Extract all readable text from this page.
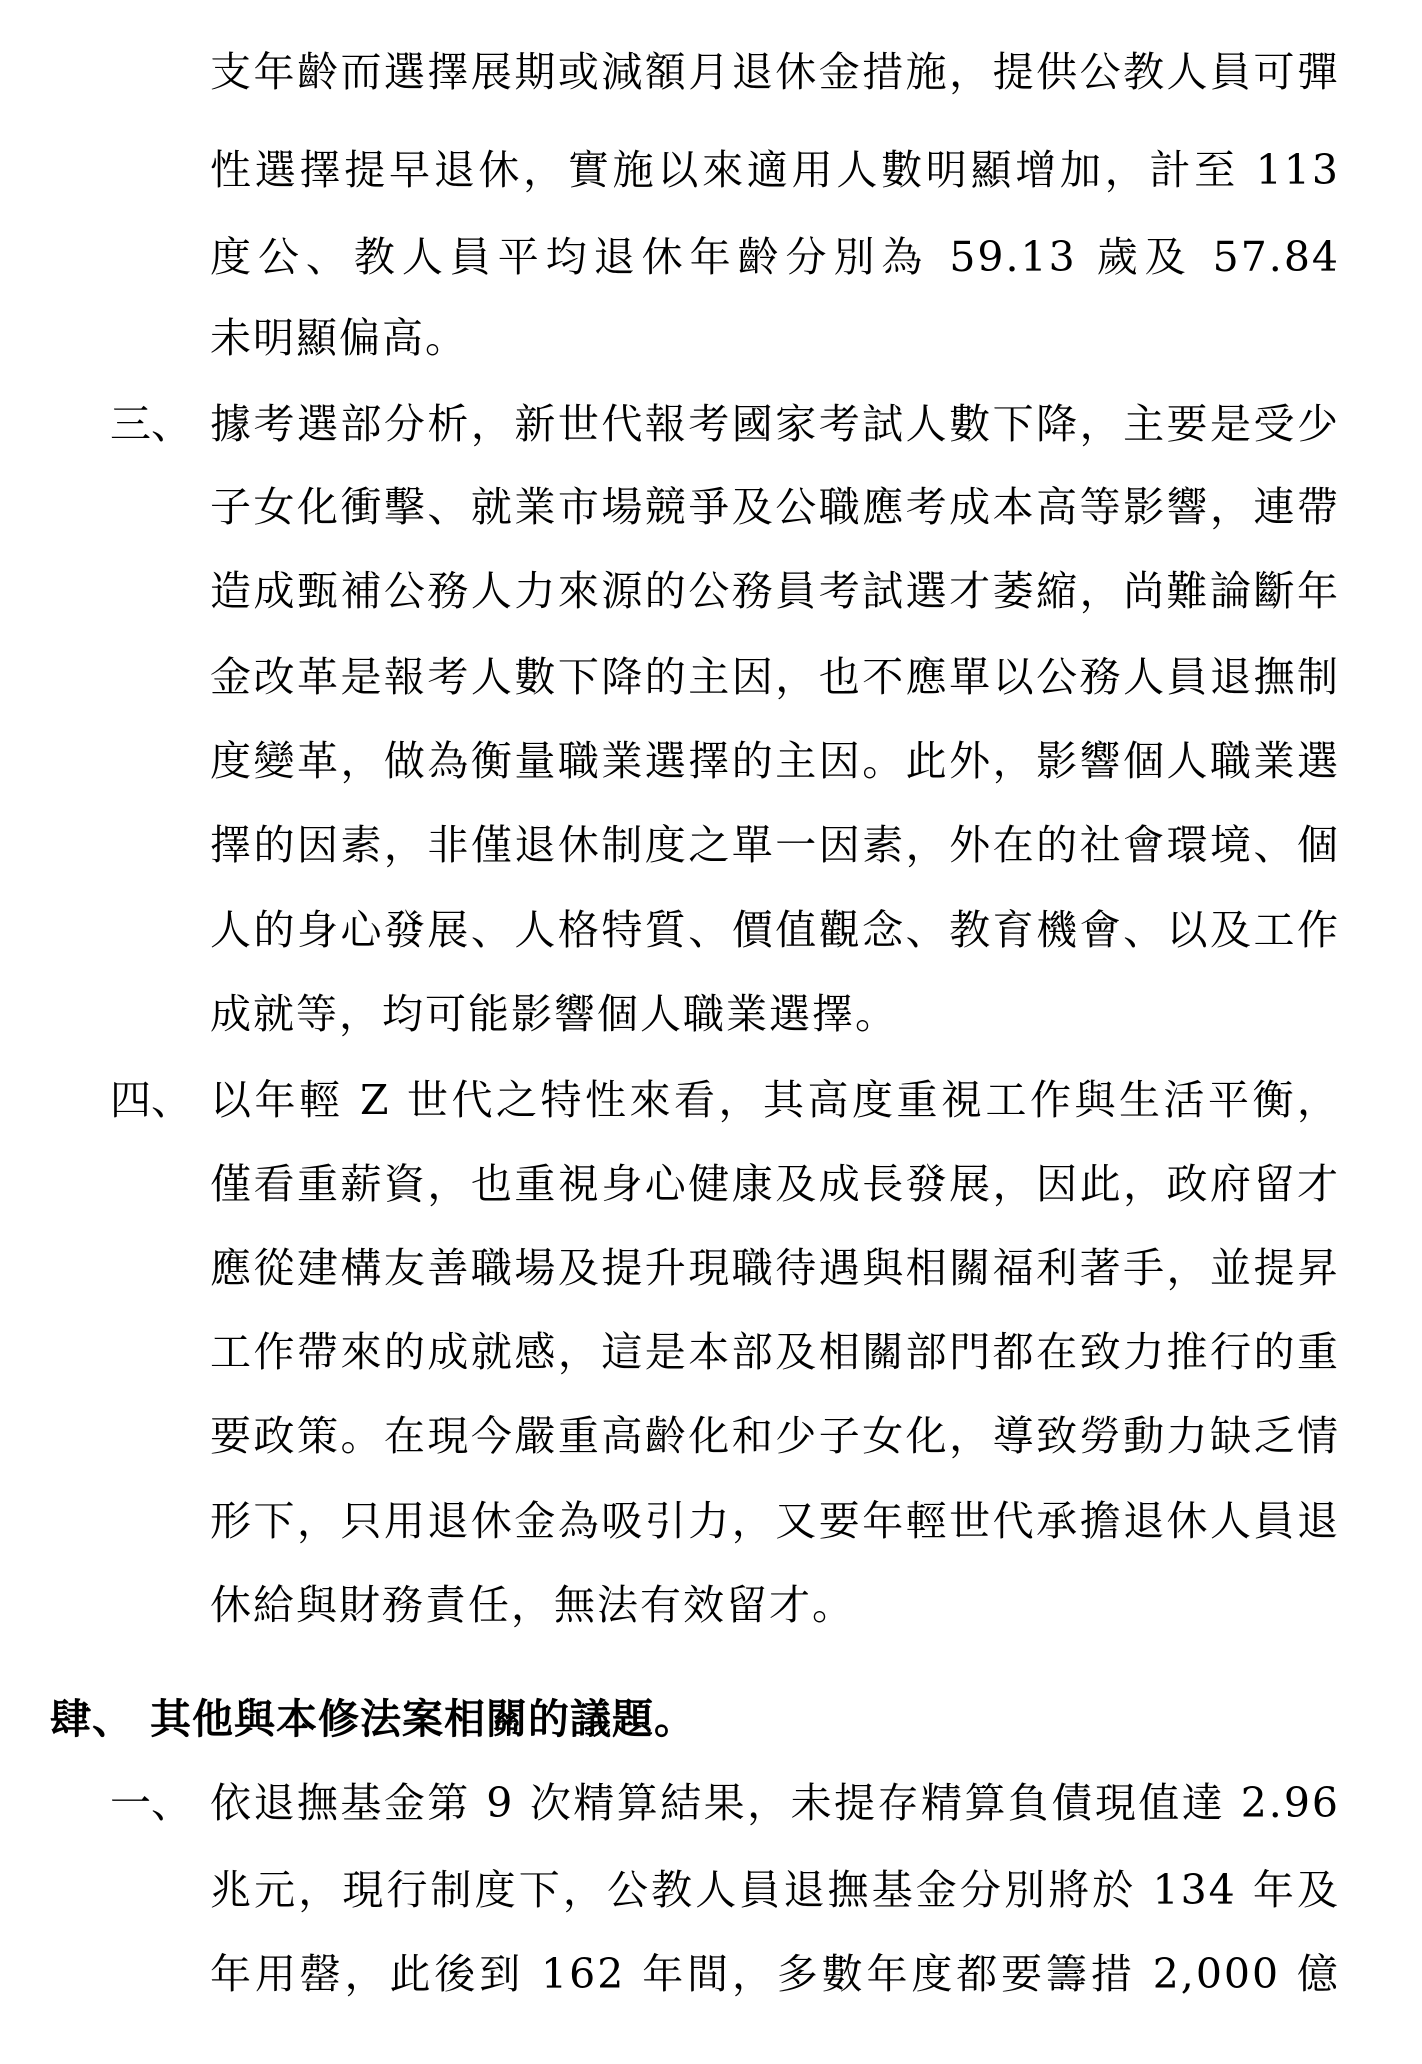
支年齡而選擇展期或減額月退休金措施，提供公教人員可彈
性選擇提早退休，實施以來適用人數明顯增加，計至 113
度公、教人員平均退休年齡分別為 59.13 歲及 57.84
未明顯偏高。
三、 據考選部分析，新世代報考國家考試人數下降，主要是受少
子女化衝擊、就業市場競爭及公職應考成本高等影響，連帶
造成甄補公務人力來源的公務員考試選才萎縮，尚難論斷年
金改革是報考人數下降的主因，也不應單以公務人員退撫制
度變革，做為衡量職業選擇的主因。此外，影響個人職業選
擇的因素，非僅退休制度之單一因素，外在的社會環境、個
人的身心發展、人格特質、價值觀念、教育機會、以及工作
成就等，均可能影響個人職業選擇。
四、 以年輕 Z 世代之特性來看，其高度重視工作與生活平衡，
僅看重薪資，也重視身心健康及成長發展，因此，政府留才
應從建構友善職場及提升現職待遇與相關福利著手，並提昇
工作帶來的成就感，這是本部及相關部門都在致力推行的重
要政策。在現今嚴重高齡化和少子女化，導致勞動力缺乏情
形下，只用退休金為吸引力，又要年輕世代承擔退休人員退
休給與財務責任，無法有效留才。
肆、 其他與本修法案相關的議題。
一、 依退撫基金第 9 次精算結果，未提存精算負債現值達 2.96
兆元，現行制度下，公教人員退撫基金分別將於 134 年及
年用罄，此後到 162 年間，多數年度都要籌措 2,000 億
